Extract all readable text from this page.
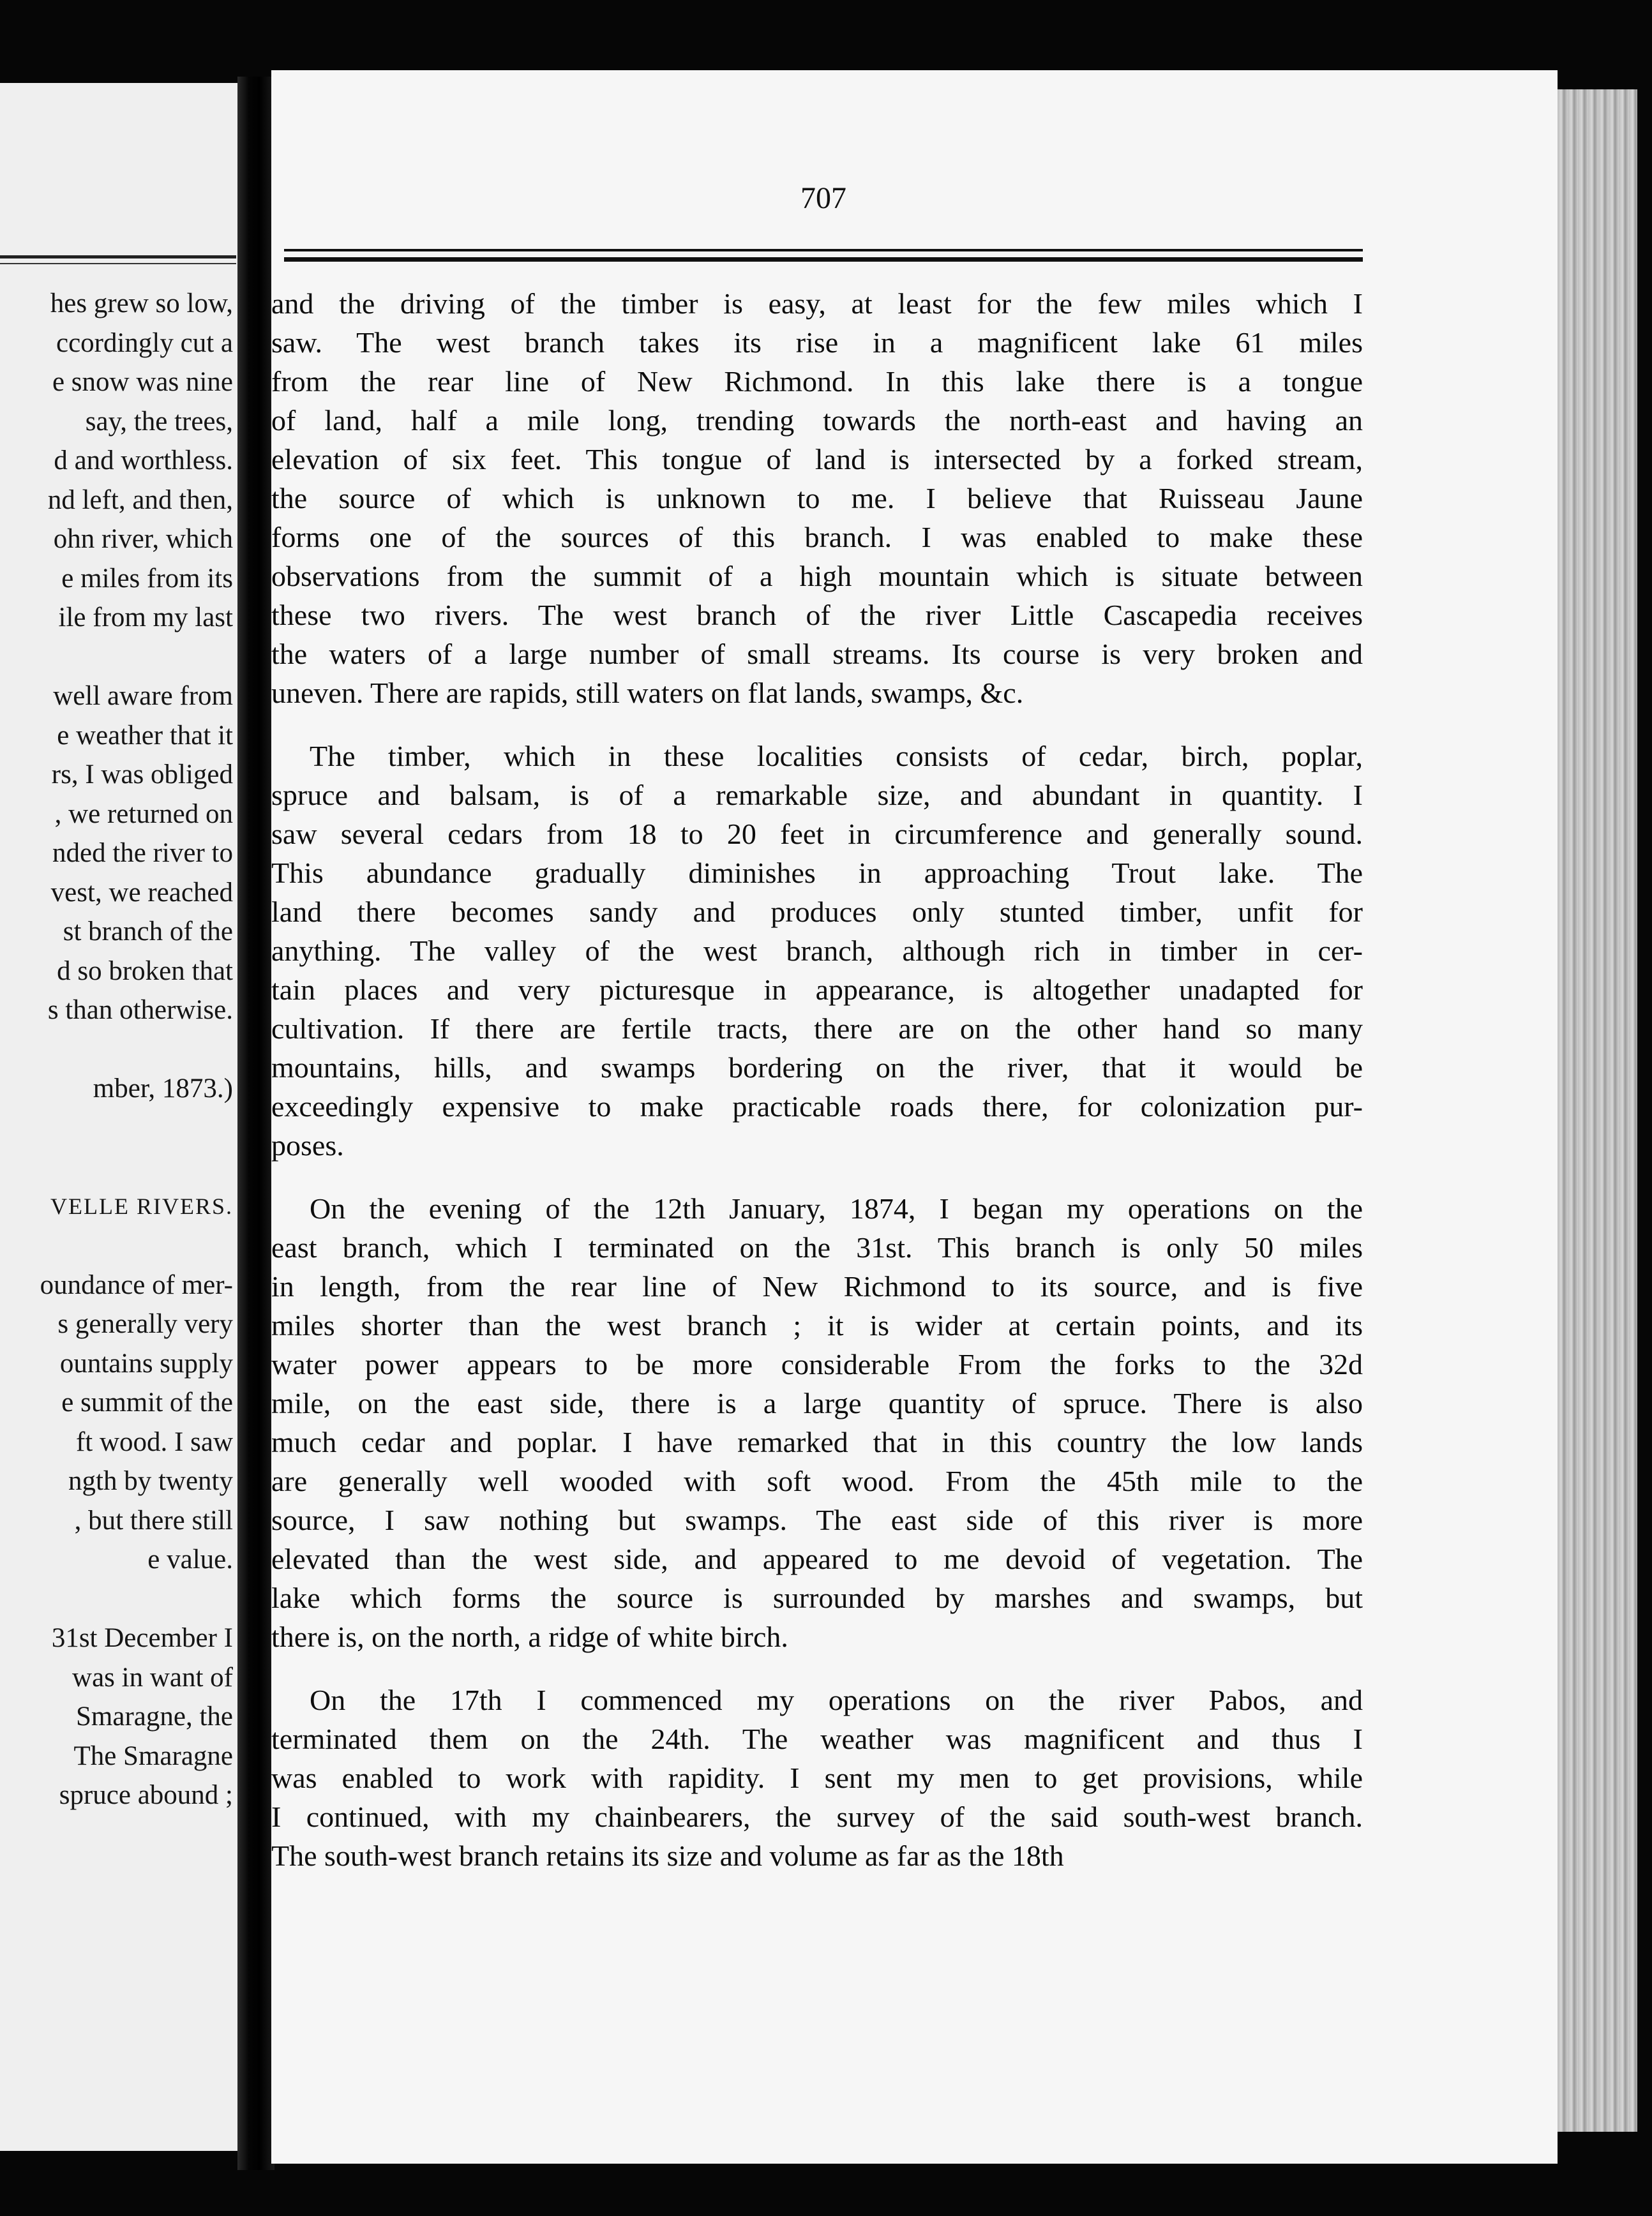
hes grew so low,
ccordingly cut a
e snow was nine
say, the trees,
d and worthless.
nd left, and then,
ohn river, which
e miles from its
ile from my last
well aware from
e weather that it
rs, I was obliged
, we returned on
nded the river to
vest, we reached
st branch of the
d so broken that
s than otherwise.
mber, 1873.)
VELLE RIVERS.
oundance of mer-
s generally very
ountains supply
e summit of the
ft wood. I saw
ngth by twenty
, but there still
e value.
31st December I
was in want of
Smaragne, the
The Smaragne
spruce abound ;
707
and the driving of the timber is easy, at least for the few miles which I
saw. The west branch takes its rise in a magnificent lake 61 miles
from the rear line of New Richmond. In this lake there is a tongue
of land, half a mile long, trending towards the north-east and having an
elevation of six feet. This tongue of land is intersected by a forked stream,
the source of which is unknown to me. I believe that Ruisseau Jaune
forms one of the sources of this branch. I was enabled to make these
observations from the summit of a high mountain which is situate between
these two rivers. The west branch of the river Little Cascapedia receives
the waters of a large number of small streams. Its course is very broken and
uneven. There are rapids, still waters on flat lands, swamps, &c.
The timber, which in these localities consists of cedar, birch, poplar,
spruce and balsam, is of a remarkable size, and abundant in quantity. I
saw several cedars from 18 to 20 feet in circumference and generally sound.
This abundance gradually diminishes in approaching Trout lake. The
land there becomes sandy and produces only stunted timber, unfit for
anything. The valley of the west branch, although rich in timber in cer-
tain places and very picturesque in appearance, is altogether unadapted for
cultivation. If there are fertile tracts, there are on the other hand so many
mountains, hills, and swamps bordering on the river, that it would be
exceedingly expensive to make practicable roads there, for colonization pur-
poses.
On the evening of the 12th January, 1874, I began my operations on the
east branch, which I terminated on the 31st. This branch is only 50 miles
in length, from the rear line of New Richmond to its source, and is five
miles shorter than the west branch ; it is wider at certain points, and its
water power appears to be more considerable From the forks to the 32d
mile, on the east side, there is a large quantity of spruce. There is also
much cedar and poplar. I have remarked that in this country the low lands
are generally well wooded with soft wood. From the 45th mile to the
source, I saw nothing but swamps. The east side of this river is more
elevated than the west side, and appeared to me devoid of vegetation. The
lake which forms the source is surrounded by marshes and swamps, but
there is, on the north, a ridge of white birch.
On the 17th I commenced my operations on the river Pabos, and
terminated them on the 24th. The weather was magnificent and thus I
was enabled to work with rapidity. I sent my men to get provisions, while
I continued, with my chainbearers, the survey of the said south-west branch.
The south-west branch retains its size and volume as far as the 18th
